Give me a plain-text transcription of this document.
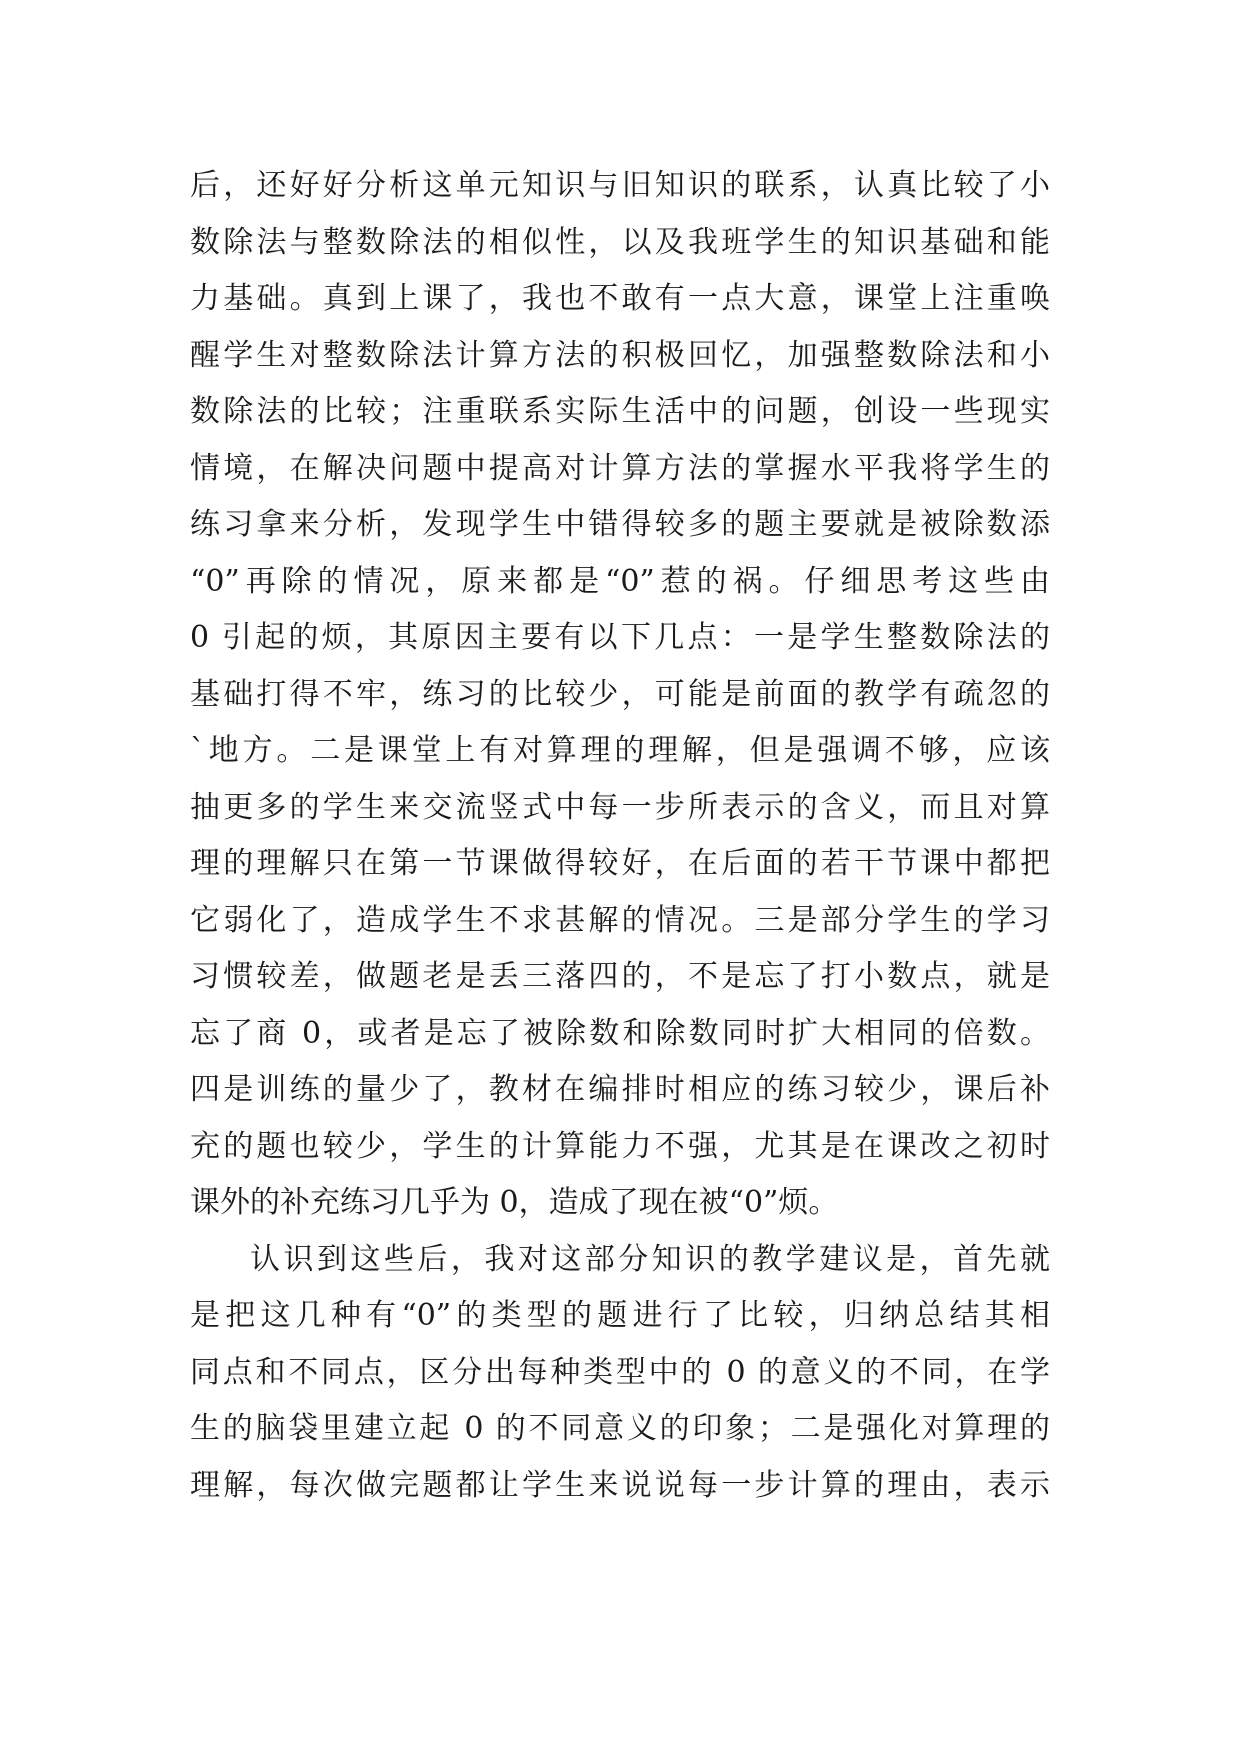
后，还好好分析这单元知识与旧知识的联系，认真比较了小
数除法与整数除法的相似性，以及我班学生的知识基础和能
力基础。真到上课了，我也不敢有一点大意，课堂上注重唤
醒学生对整数除法计算方法的积极回忆，加强整数除法和小
数除法的比较；注重联系实际生活中的问题，创设一些现实
情境，在解决问题中提高对计算方法的掌握水平我将学生的
练习拿来分析，发现学生中错得较多的题主要就是被除数添
“0”再除的情况，原来都是“0”惹的祸。仔细思考这些由
0 引起的烦，其原因主要有以下几点：一是学生整数除法的
基础打得不牢，练习的比较少，可能是前面的教学有疏忽的
`地方。二是课堂上有对算理的理解，但是强调不够，应该
抽更多的学生来交流竖式中每一步所表示的含义，而且对算
理的理解只在第一节课做得较好，在后面的若干节课中都把
它弱化了，造成学生不求甚解的情况。三是部分学生的学习
习惯较差，做题老是丢三落四的，不是忘了打小数点，就是
忘了商 0，或者是忘了被除数和除数同时扩大相同的倍数。
四是训练的量少了，教材在编排时相应的练习较少，课后补
充的题也较少，学生的计算能力不强，尤其是在课改之初时
课外的补充练习几乎为 0，造成了现在被“0”烦。
认识到这些后，我对这部分知识的教学建议是，首先就
是把这几种有“0”的类型的题进行了比较，归纳总结其相
同点和不同点，区分出每种类型中的 0 的意义的不同，在学
生的脑袋里建立起 0 的不同意义的印象；二是强化对算理的
理解，每次做完题都让学生来说说每一步计算的理由，表示
